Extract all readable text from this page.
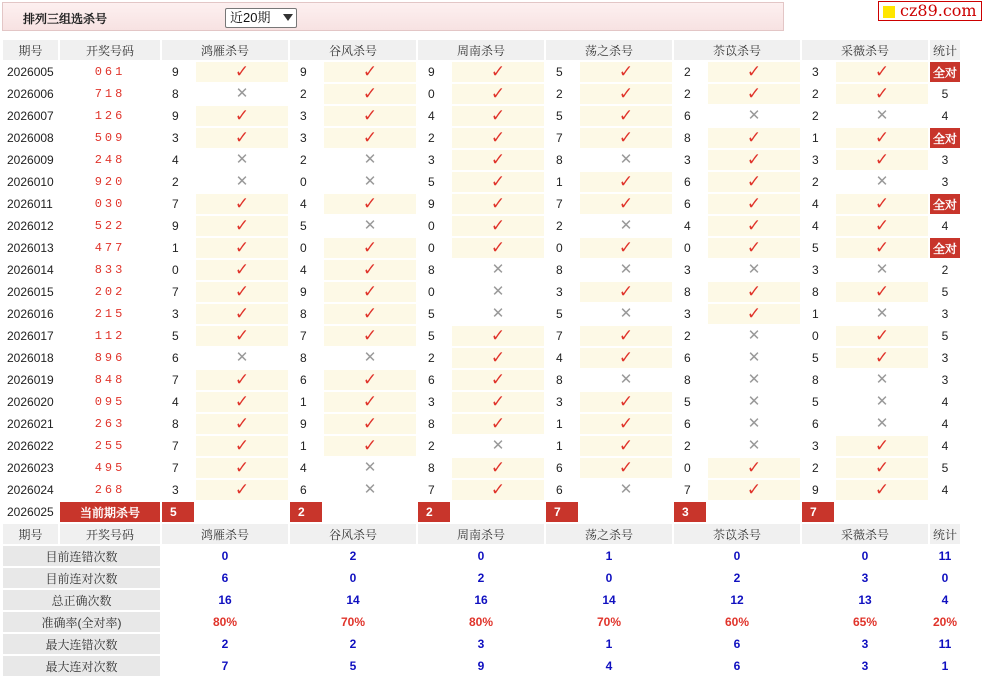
排列三组选杀号	近20期	cz89.com
期号	开奖号码	鸿雁杀号		谷风杀号		周南杀号		荡之杀号		苶苡杀号		采薇杀号		统计
2026005	061	9	✓	9	✓	9	✓	5	✓	2	✓	3	✓	全对
2026006	718	8	✕	2	✓	0	✓	2	✓	2	✓	2	✓	5
2026007	126	9	✓	3	✓	4	✓	5	✓	6	✕	2	✕	4
2026008	509	3	✓	3	✓	2	✓	7	✓	8	✓	1	✓	全对
2026009	248	4	✕	2	✕	3	✓	8	✕	3	✓	3	✓	3
2026010	920	2	✕	0	✕	5	✓	1	✓	6	✓	2	✕	3
2026011	030	7	✓	4	✓	9	✓	7	✓	6	✓	4	✓	全对
2026012	522	9	✓	5	✕	0	✓	2	✕	4	✓	4	✓	4
2026013	477	1	✓	0	✓	0	✓	0	✓	0	✓	5	✓	全对
2026014	833	0	✓	4	✓	8	✕	8	✕	3	✕	3	✕	2
2026015	202	7	✓	9	✓	0	✕	3	✓	8	✓	8	✓	5
2026016	215	3	✓	8	✓	5	✕	5	✕	3	✓	1	✕	3
2026017	112	5	✓	7	✓	5	✓	7	✓	2	✕	0	✓	5
2026018	896	6	✕	8	✕	2	✓	4	✓	6	✕	5	✓	3
2026019	848	7	✓	6	✓	6	✓	8	✕	8	✕	8	✕	3
2026020	095	4	✓	1	✓	3	✓	3	✓	5	✕	5	✕	4
2026021	263	8	✓	9	✓	8	✓	1	✓	6	✕	6	✕	4
2026022	255	7	✓	1	✓	2	✕	1	✓	2	✕	3	✓	4
2026023	495	7	✓	4	✕	8	✓	6	✓	0	✓	2	✓	5
2026024	268	3	✓	6	✕	7	✓	6	✕	7	✓	9	✓	4
2026025	当前期杀号	5		2		2		7		3		7		
期号	开奖号码	鸿雁杀号		谷风杀号		周南杀号		荡之杀号		苶苡杀号		采薇杀号		统计
目前连错次数		0		2		0		1		0		0		11
目前连对次数		6		0		2		0		2		3		0
总正确次数		16		14		16		14		12		13		4
准确率(全对率)		80%		70%		80%		70%		60%		65%		20%
最大连错次数		2		2		3		1		6		3		11
最大连对次数		7		5		9		4		6		3		1
